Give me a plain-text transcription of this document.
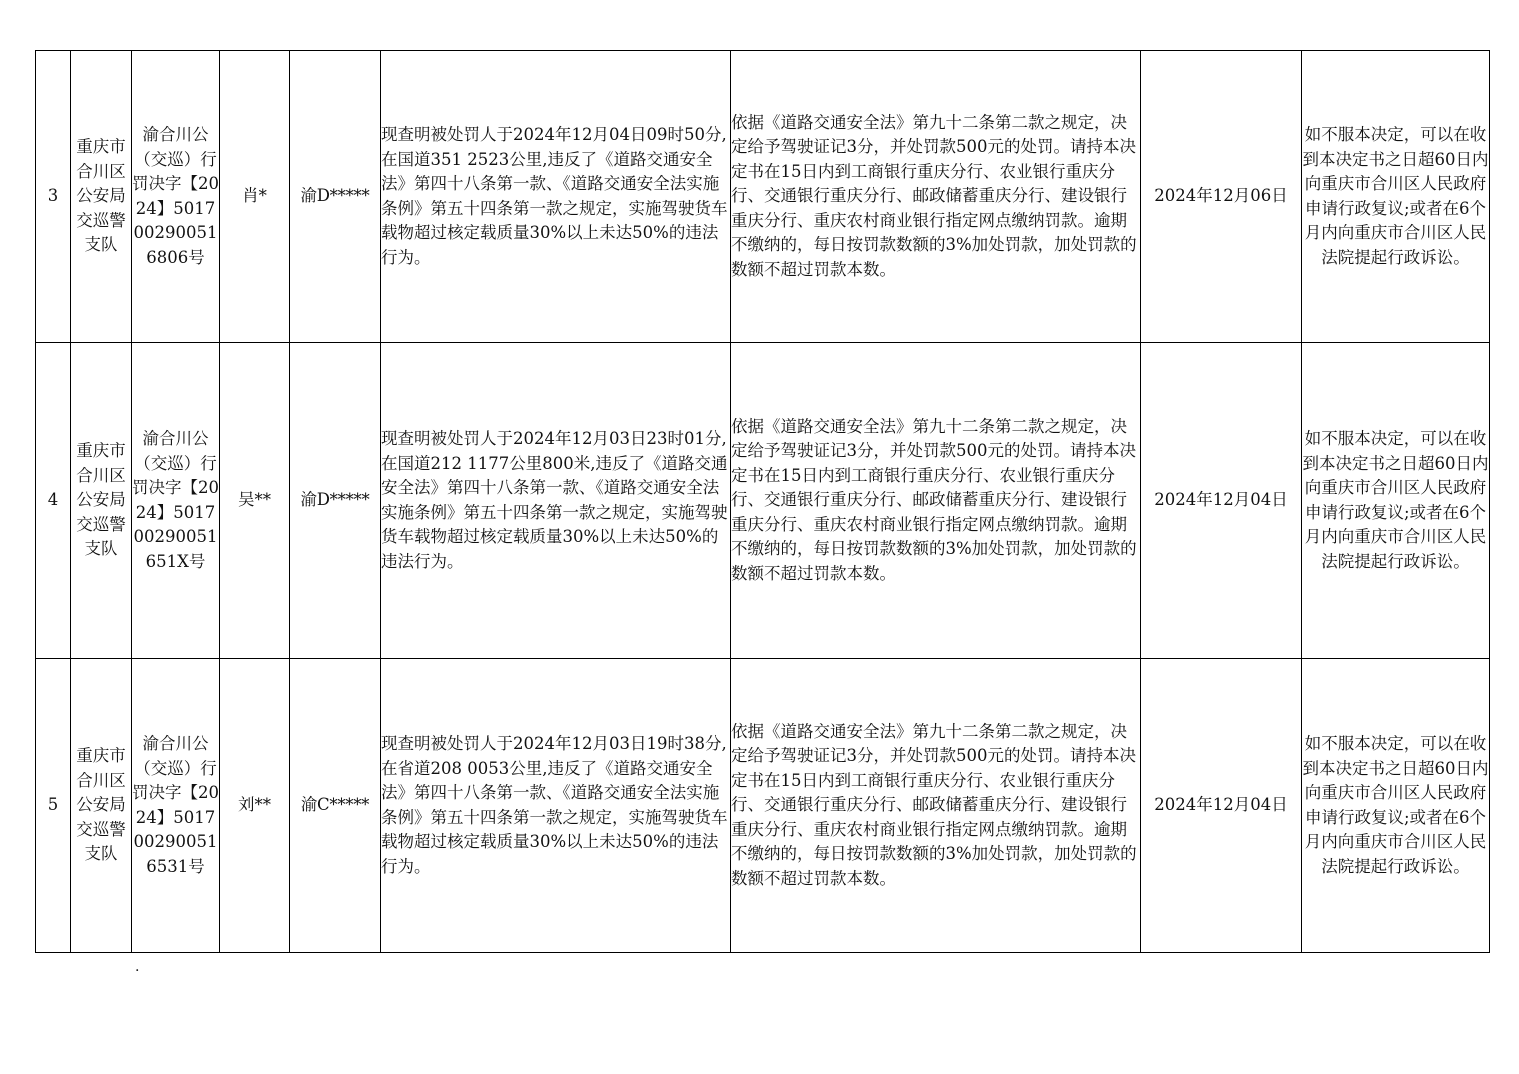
3	重庆市合川区公安局交巡警支队	渝合川公（交巡）行罚决字【2024】5017002900516806号	肖*	渝D*****	现查明被处罚人于2024年12月04日09时50分,在国道351 2523公里,违反了《道路交通安全法》第四十八条第一款、《道路交通安全法实施条例》第五十四条第一款之规定，实施驾驶货车载物超过核定载质量30%以上未达50%的违法行为。	依据《道路交通安全法》第九十二条第二款之规定，决定给予驾驶证记3分，并处罚款500元的处罚。请持本决定书在15日内到工商银行重庆分行、农业银行重庆分行、交通银行重庆分行、邮政储蓄重庆分行、建设银行重庆分行、重庆农村商业银行指定网点缴纳罚款。逾期不缴纳的，每日按罚款数额的3%加处罚款，加处罚款的数额不超过罚款本数。	2024年12月06日	如不服本决定，可以在收到本决定书之日超60日内向重庆市合川区人民政府申请行政复议;或者在6个月内向重庆市合川区人民法院提起行政诉讼。
4	重庆市合川区公安局交巡警支队	渝合川公（交巡）行罚决字【2024】501700290051651X号	吴**	渝D*****	现查明被处罚人于2024年12月03日23时01分,在国道212 1177公里800米,违反了《道路交通安全法》第四十八条第一款、《道路交通安全法实施条例》第五十四条第一款之规定，实施驾驶货车载物超过核定载质量30%以上未达50%的违法行为。	依据《道路交通安全法》第九十二条第二款之规定，决定给予驾驶证记3分，并处罚款500元的处罚。请持本决定书在15日内到工商银行重庆分行、农业银行重庆分行、交通银行重庆分行、邮政储蓄重庆分行、建设银行重庆分行、重庆农村商业银行指定网点缴纳罚款。逾期不缴纳的，每日按罚款数额的3%加处罚款，加处罚款的数额不超过罚款本数。	2024年12月04日	如不服本决定，可以在收到本决定书之日超60日内向重庆市合川区人民政府申请行政复议;或者在6个月内向重庆市合川区人民法院提起行政诉讼。
5	重庆市合川区公安局交巡警支队	渝合川公（交巡）行罚决字【2024】5017002900516531号	刘**	渝C*****	现查明被处罚人于2024年12月03日19时38分,在省道208 0053公里,违反了《道路交通安全法》第四十八条第一款、《道路交通安全法实施条例》第五十四条第一款之规定，实施驾驶货车载物超过核定载质量30%以上未达50%的违法行为。	依据《道路交通安全法》第九十二条第二款之规定，决定给予驾驶证记3分，并处罚款500元的处罚。请持本决定书在15日内到工商银行重庆分行、农业银行重庆分行、交通银行重庆分行、邮政储蓄重庆分行、建设银行重庆分行、重庆农村商业银行指定网点缴纳罚款。逾期不缴纳的，每日按罚款数额的3%加处罚款，加处罚款的数额不超过罚款本数。	2024年12月04日	如不服本决定，可以在收到本决定书之日超60日内向重庆市合川区人民政府申请行政复议;或者在6个月内向重庆市合川区人民法院提起行政诉讼。
.
